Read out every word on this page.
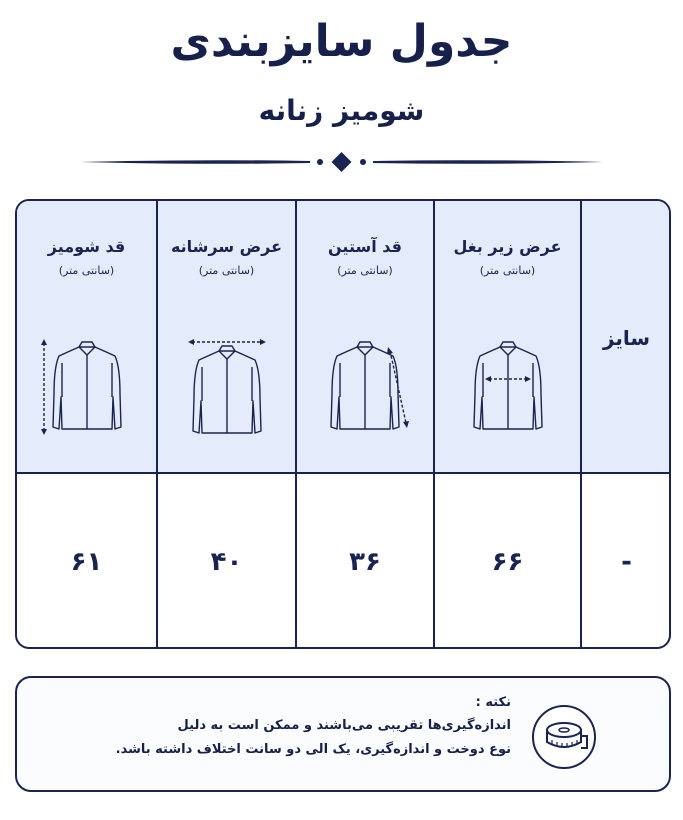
جدول سایزبندی
شومیز زنانه
قد شومیز
(سانتی متر)
۶۱
عرض سرشانه
(سانتی متر)
۴۰
قد آستین
(سانتی متر)
۳۶
عرض زیر بغل
(سانتی متر)
۶۶
سایز
-
نکته :
اندازه‌گیری‌ها تقریبی می‌باشند و ممکن است به دلیل
نوع دوخت و اندازه‌گیری، یک الی دو سانت اختلاف داشته باشد.
